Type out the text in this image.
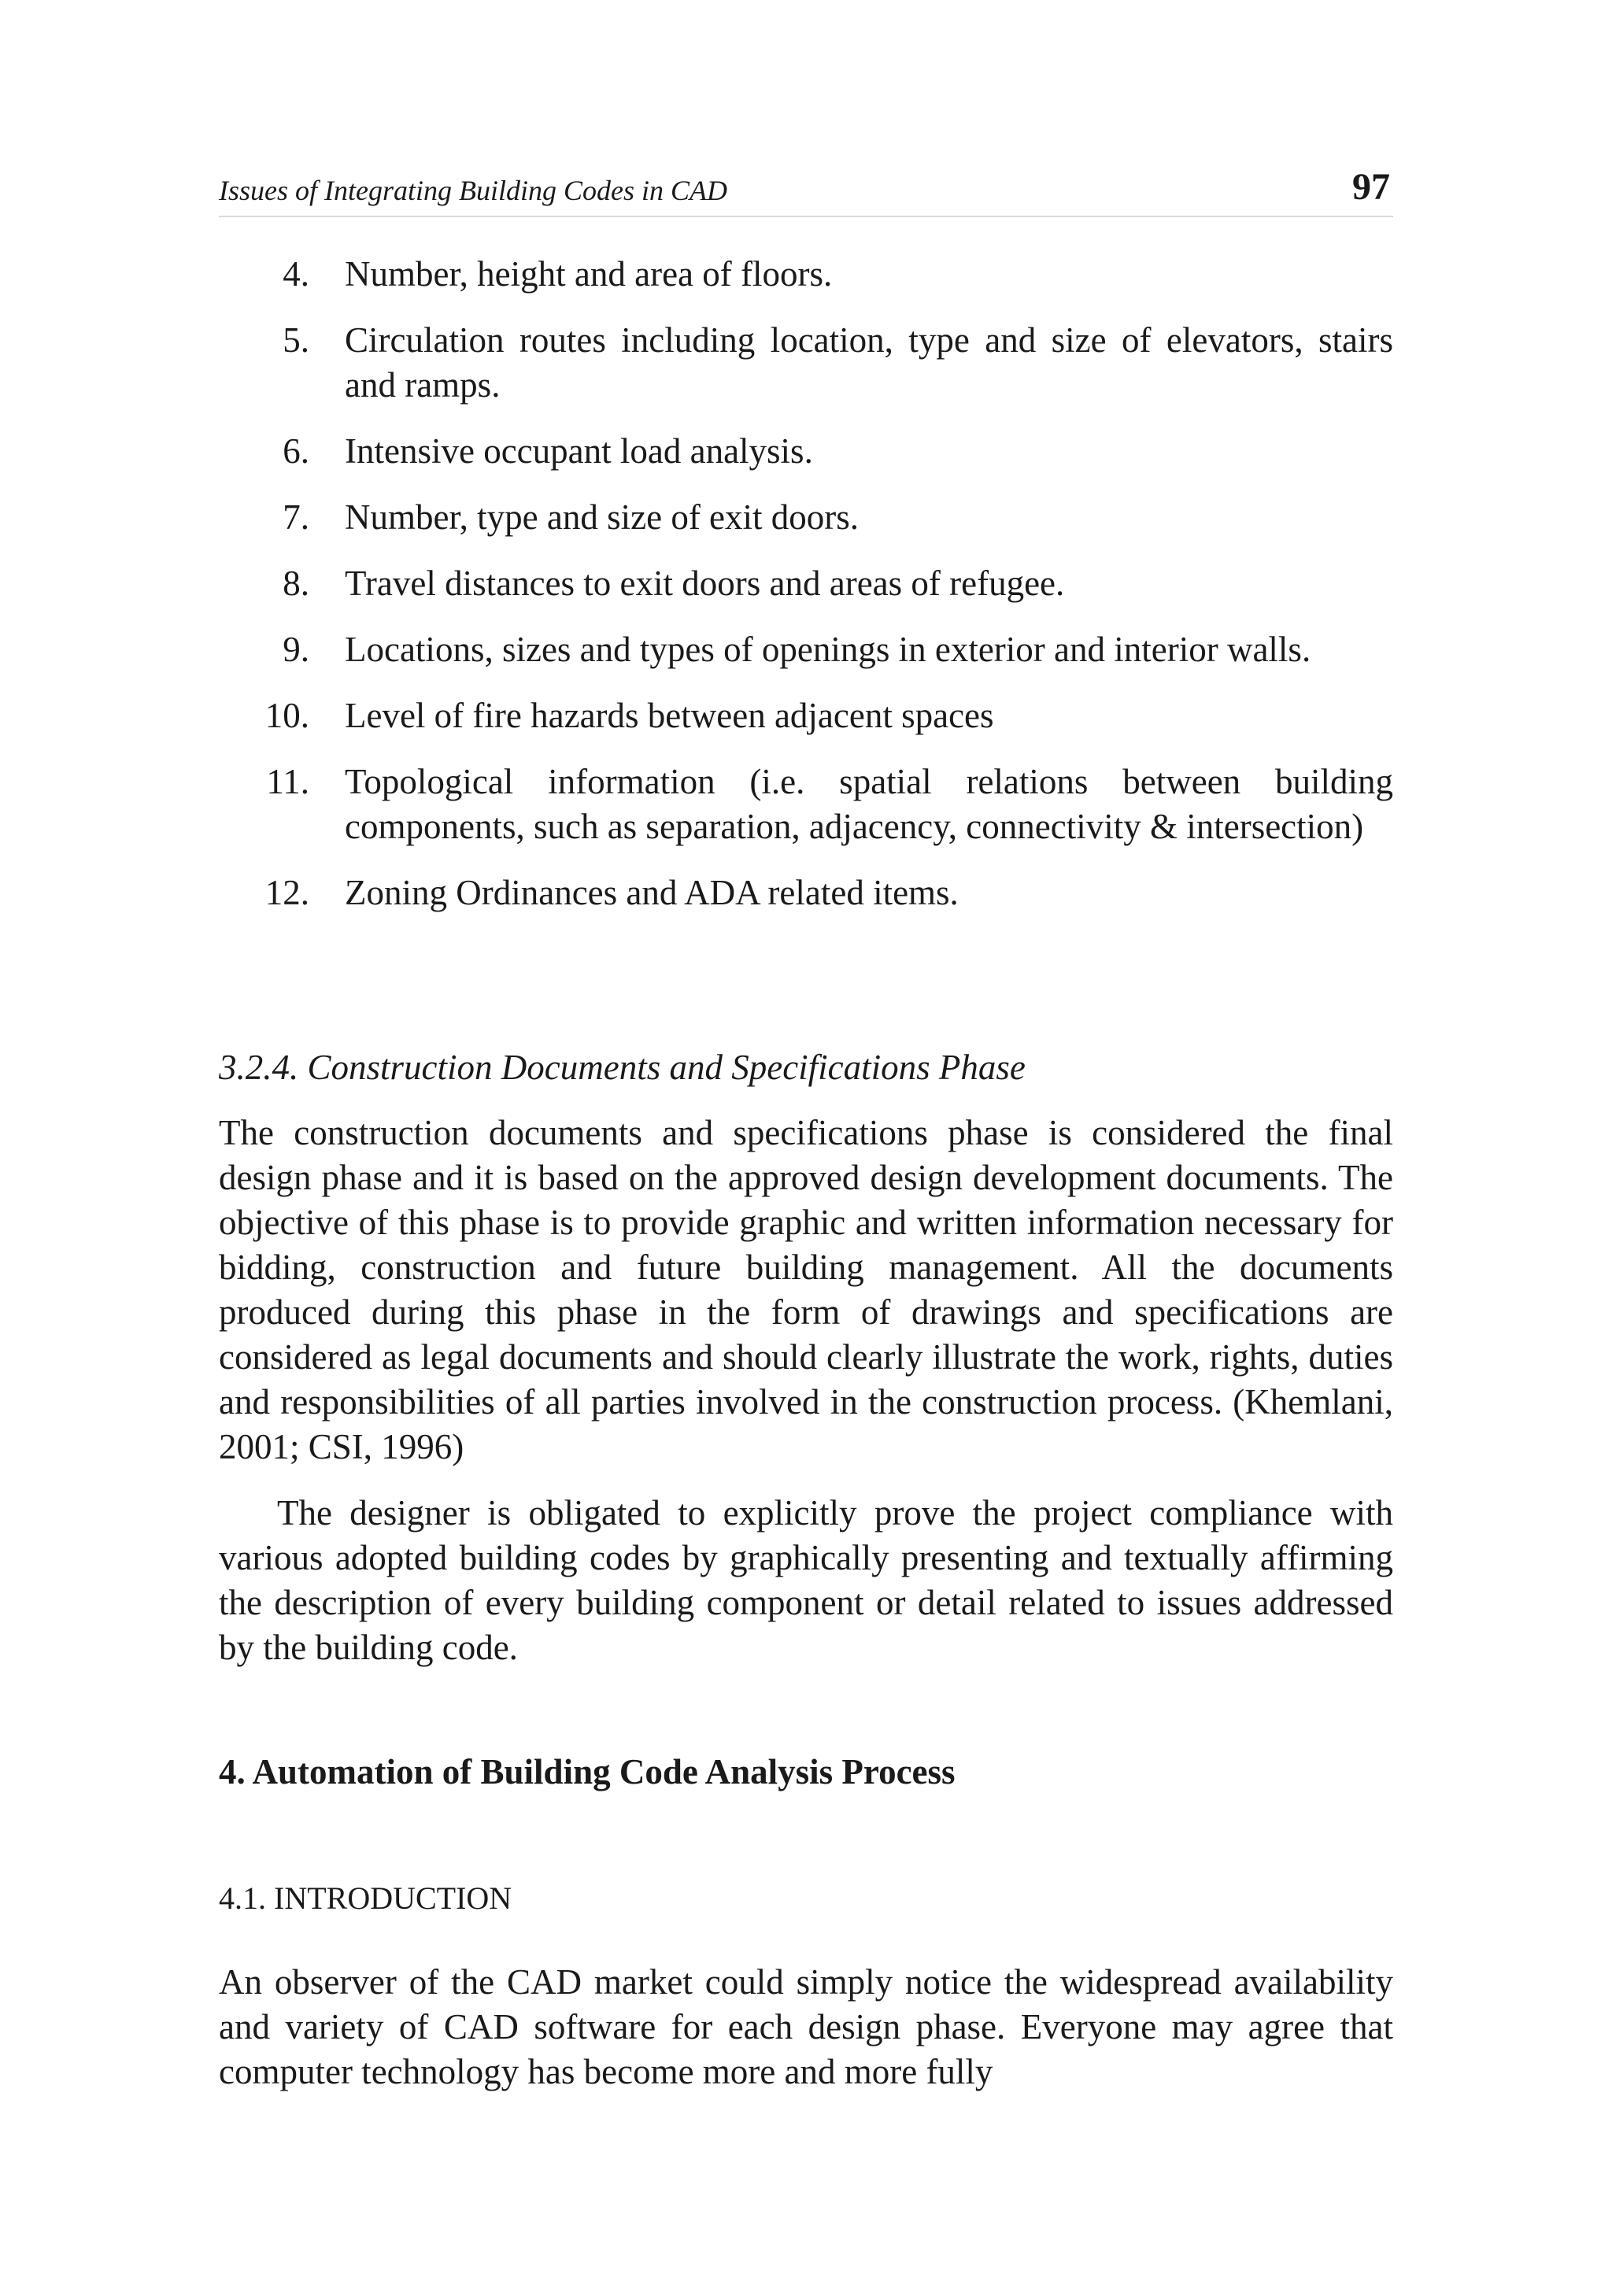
Issues of Integrating Building Codes in CAD	97
4. Number, height and area of floors.
5. Circulation routes including location, type and size of elevators, stairs and ramps.
6. Intensive occupant load analysis.
7. Number, type and size of exit doors.
8. Travel distances to exit doors and areas of refugee.
9. Locations, sizes and types of openings in exterior and interior walls.
10. Level of fire hazards between adjacent spaces
11. Topological information (i.e. spatial relations between building components, such as separation, adjacency, connectivity & intersection)
12. Zoning Ordinances and ADA related items.
3.2.4. Construction Documents and Specifications Phase

The construction documents and specifications phase is considered the final design phase and it is based on the approved design development documents. The objective of this phase is to provide graphic and written information necessary for bidding, construction and future building management. All the documents produced during this phase in the form of drawings and specifications are considered as legal documents and should clearly illustrate the work, rights, duties and responsibilities of all parties involved in the construction process. (Khemlani, 2001; CSI, 1996)

The designer is obligated to explicitly prove the project compliance with various adopted building codes by graphically presenting and textually affirming the description of every building component or detail related to issues addressed by the building code.

4. Automation of Building Code Analysis Process
4.1. INTRODUCTION

An observer of the CAD market could simply notice the widespread availability and variety of CAD software for each design phase. Everyone may agree that computer technology has become more and more fully
